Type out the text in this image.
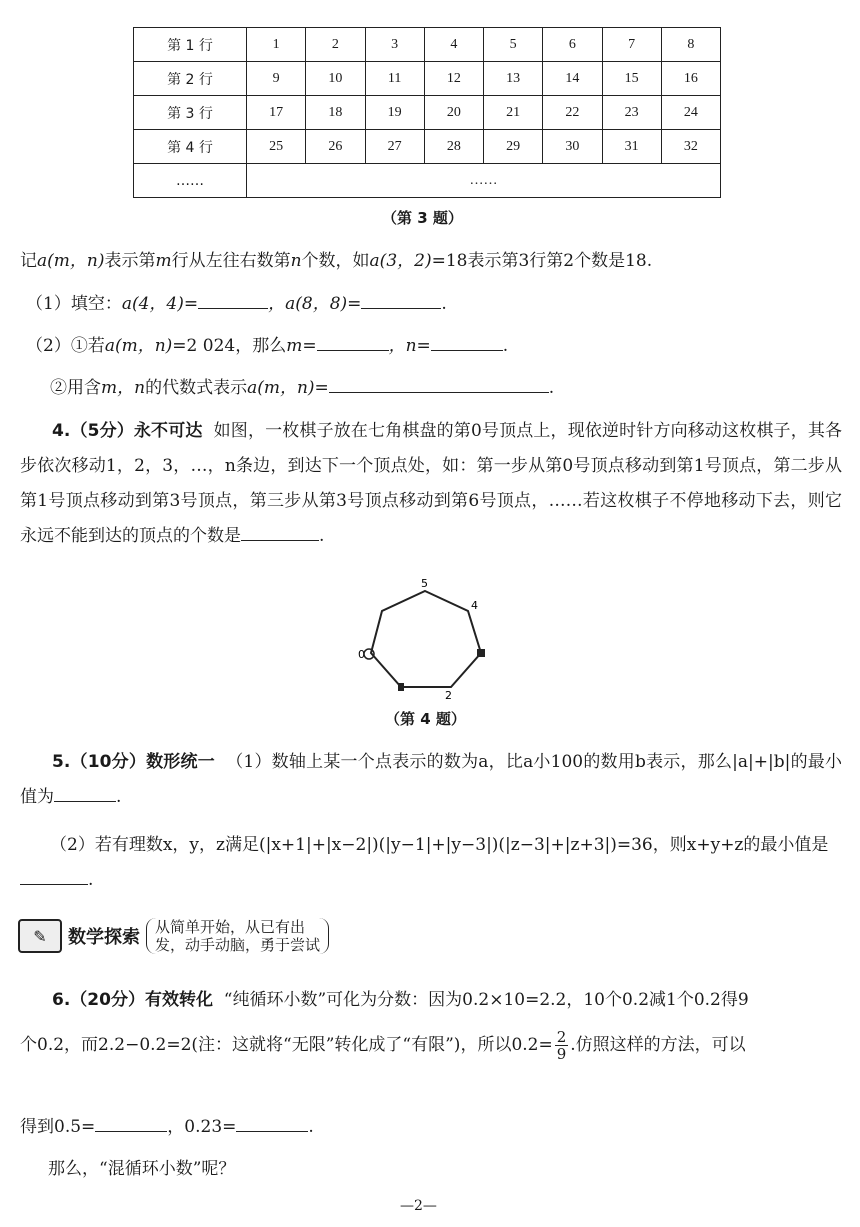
第 1 行	1	2	3	4	5	6	7	8
第 2 行	9	10	11	12	13	14	15	16
第 3 行	17	18	19	20	21	22	23	24
第 4 行	25	26	27	28	29	30	31	32
……	……							
（第 3 题）
记a(m，n)表示第m行从左往右数第n个数，如a(3，2)=18表示第3行第2个数是18.
（1）填空：a(4，4)=	，a(8，8)=	.
（2）①若a(m，n)=2 024，那么m=	，n=	.
②用含m，n的代数式表示a(m，n)=	.
4.（5分）永不可达 如图，一枚棋子放在七角棋盘的第0号顶点上，现依逆时针方向移动这枚棋子，其各步依次移动1，2，3，…，n条边，到达下一个顶点处，如：第一步从第0号顶点移动到第1号顶点，第二步从第1号顶点移动到第3号顶点，第三步从第3号顶点移动到第6号顶点，……若这枚棋子不停地移动下去，则它永远不能到达的顶点的个数是	.
5
4
0
2
（第 4 题）
5.（10分）数形统一 （1）数轴上某一个点表示的数为a，比a小100的数用b表示，那么|a|+|b|的最小值为	.
（2）若有理数x，y，z满足(|x+1|+|x−2|)(|y−1|+|y−3|)(|z−3|+|z+3|)=36，则x+y+z的最小值是
.
✎	数学探索 从简单开始，从已有出
发，动手动脑，勇于尝试
6.（20分）有效转化 “纯循环小数”可化为分数：因为0.2×10=2.2，10个0.2减1个0.2得9
个0.2，而2.2−0.2=2(注：这就将“无限”转化成了“有限”)，所以$0.2= \frac{2}{9}$ .仿照这样的方法，可以
得到0.5=	，0.23=	.
那么，“混循环小数”呢？
—2—
